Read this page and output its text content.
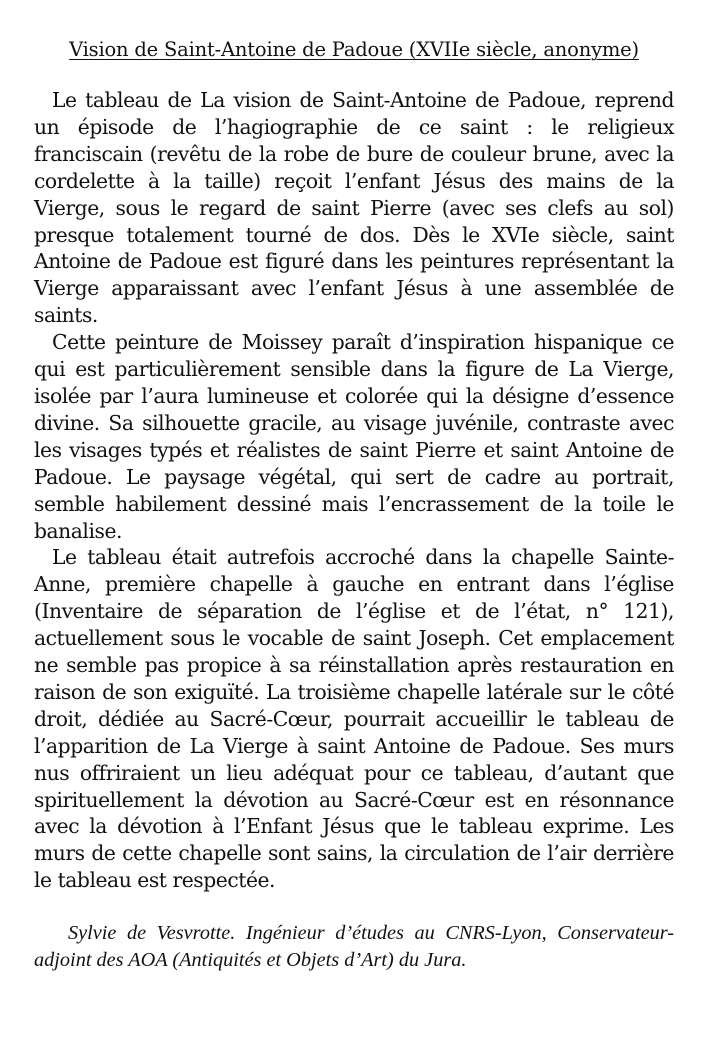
Vision de Saint-Antoine de Padoue (XVIIe siècle, anonyme)

Le tableau de La vision de Saint-Antoine de Padoue, reprend un épisode de l’hagiographie de ce saint : le religieux franciscain (revêtu de la robe de bure de couleur brune, avec la cordelette à la taille) reçoit l’enfant Jésus des mains de la Vierge, sous le regard de saint Pierre (avec ses clefs au sol) presque totalement tourné de dos. Dès le XVIe siècle, saint Antoine de Padoue est figuré dans les peintures représentant la Vierge apparaissant avec l’enfant Jésus à une assemblée de saints.

Cette peinture de Moissey paraît d’inspiration hispanique ce qui est particulièrement sensible dans la figure de La Vierge, isolée par l’aura lumineuse et colorée qui la désigne d’essence divine. Sa silhouette gracile, au visage juvénile, contraste avec les visages typés et réalistes de saint Pierre et saint Antoine de Padoue. Le paysage végétal, qui sert de cadre au portrait, semble habilement dessiné mais l’encrassement de la toile le banalise.

Le tableau était autrefois accroché dans la chapelle Sainte-Anne, première chapelle à gauche en entrant dans l’église (Inventaire de séparation de l’église et de l’état, n° 121), actuellement sous le vocable de saint Joseph. Cet emplacement ne semble pas propice à sa réinstallation après restauration en raison de son exiguïté. La troisième chapelle latérale sur le côté droit, dédiée au Sacré-Cœur, pourrait accueillir le tableau de l’apparition de La Vierge à saint Antoine de Padoue. Ses murs nus offriraient un lieu adéquat pour ce tableau, d’autant que spirituellement la dévotion au Sacré-Cœur est en résonnance avec la dévotion à l’Enfant Jésus que le tableau exprime. Les murs de cette chapelle sont sains, la circulation de l’air derrière le tableau est respectée.

Sylvie de Vesvrotte. Ingénieur d’études au CNRS-Lyon, Conservateur-adjoint des AOA (Antiquités et Objets d’Art) du Jura.
